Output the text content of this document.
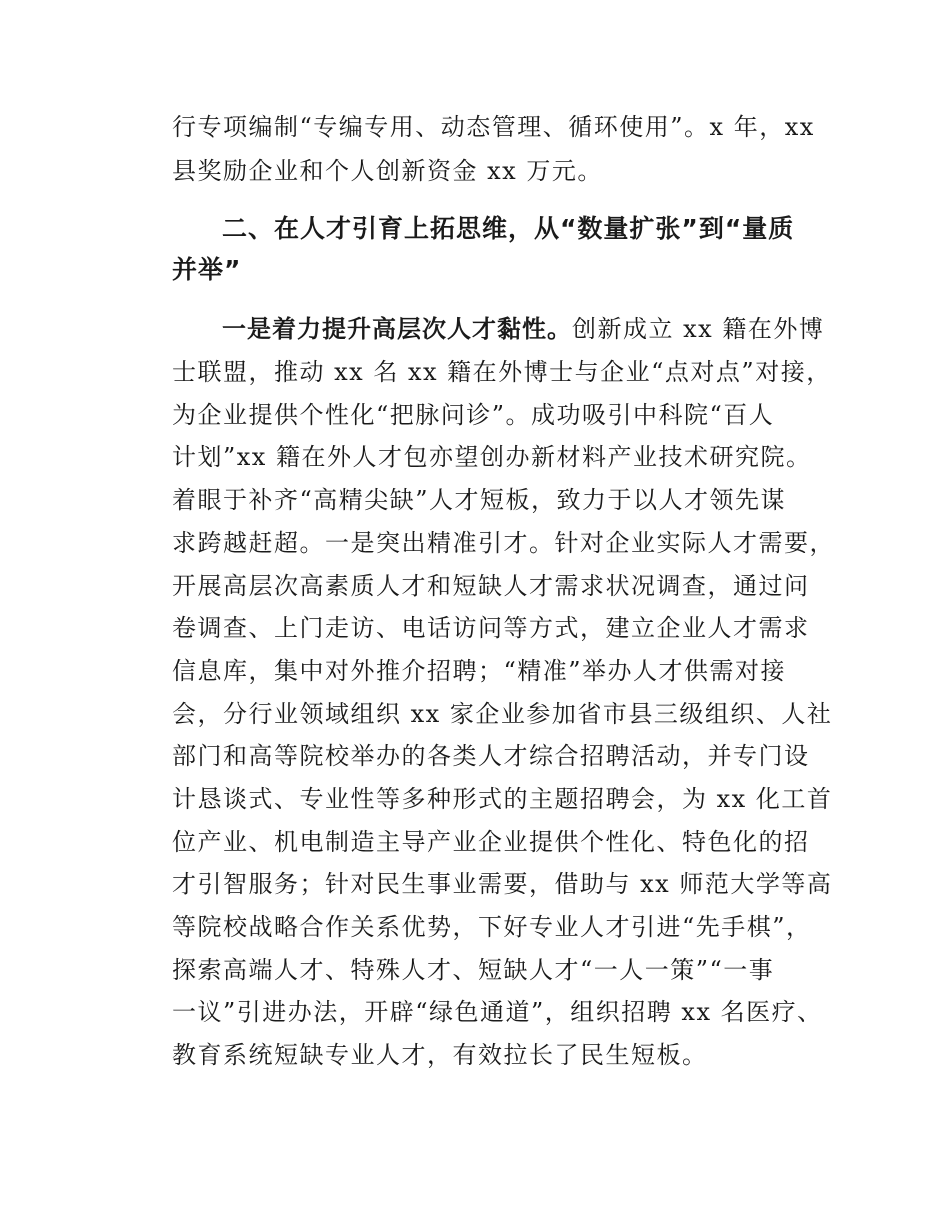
行专项编制“专编专用、动态管理、循环使用”。x 年，xx
县奖励企业和个人创新资金 xx 万元。
二、在人才引育上拓思维，从“数量扩张”到“量质
并举”
一是着力提升高层次人才黏性。创新成立 xx 籍在外博
士联盟，推动 xx 名 xx 籍在外博士与企业“点对点”对接，
为企业提供个性化“把脉问诊”。成功吸引中科院“百人
计划”xx 籍在外人才包亦望创办新材料产业技术研究院。
着眼于补齐“高精尖缺”人才短板，致力于以人才领先谋
求跨越赶超。一是突出精准引才。针对企业实际人才需要，
开展高层次高素质人才和短缺人才需求状况调查，通过问
卷调查、上门走访、电话访问等方式，建立企业人才需求
信息库，集中对外推介招聘；“精准”举办人才供需对接
会，分行业领域组织 xx 家企业参加省市县三级组织、人社
部门和高等院校举办的各类人才综合招聘活动，并专门设
计恳谈式、专业性等多种形式的主题招聘会，为 xx 化工首
位产业、机电制造主导产业企业提供个性化、特色化的招
才引智服务；针对民生事业需要，借助与 xx 师范大学等高
等院校战略合作关系优势，下好专业人才引进“先手棋”，
探索高端人才、特殊人才、短缺人才“一人一策”“一事
一议”引进办法，开辟“绿色通道”，组织招聘 xx 名医疗、
教育系统短缺专业人才，有效拉长了民生短板。
